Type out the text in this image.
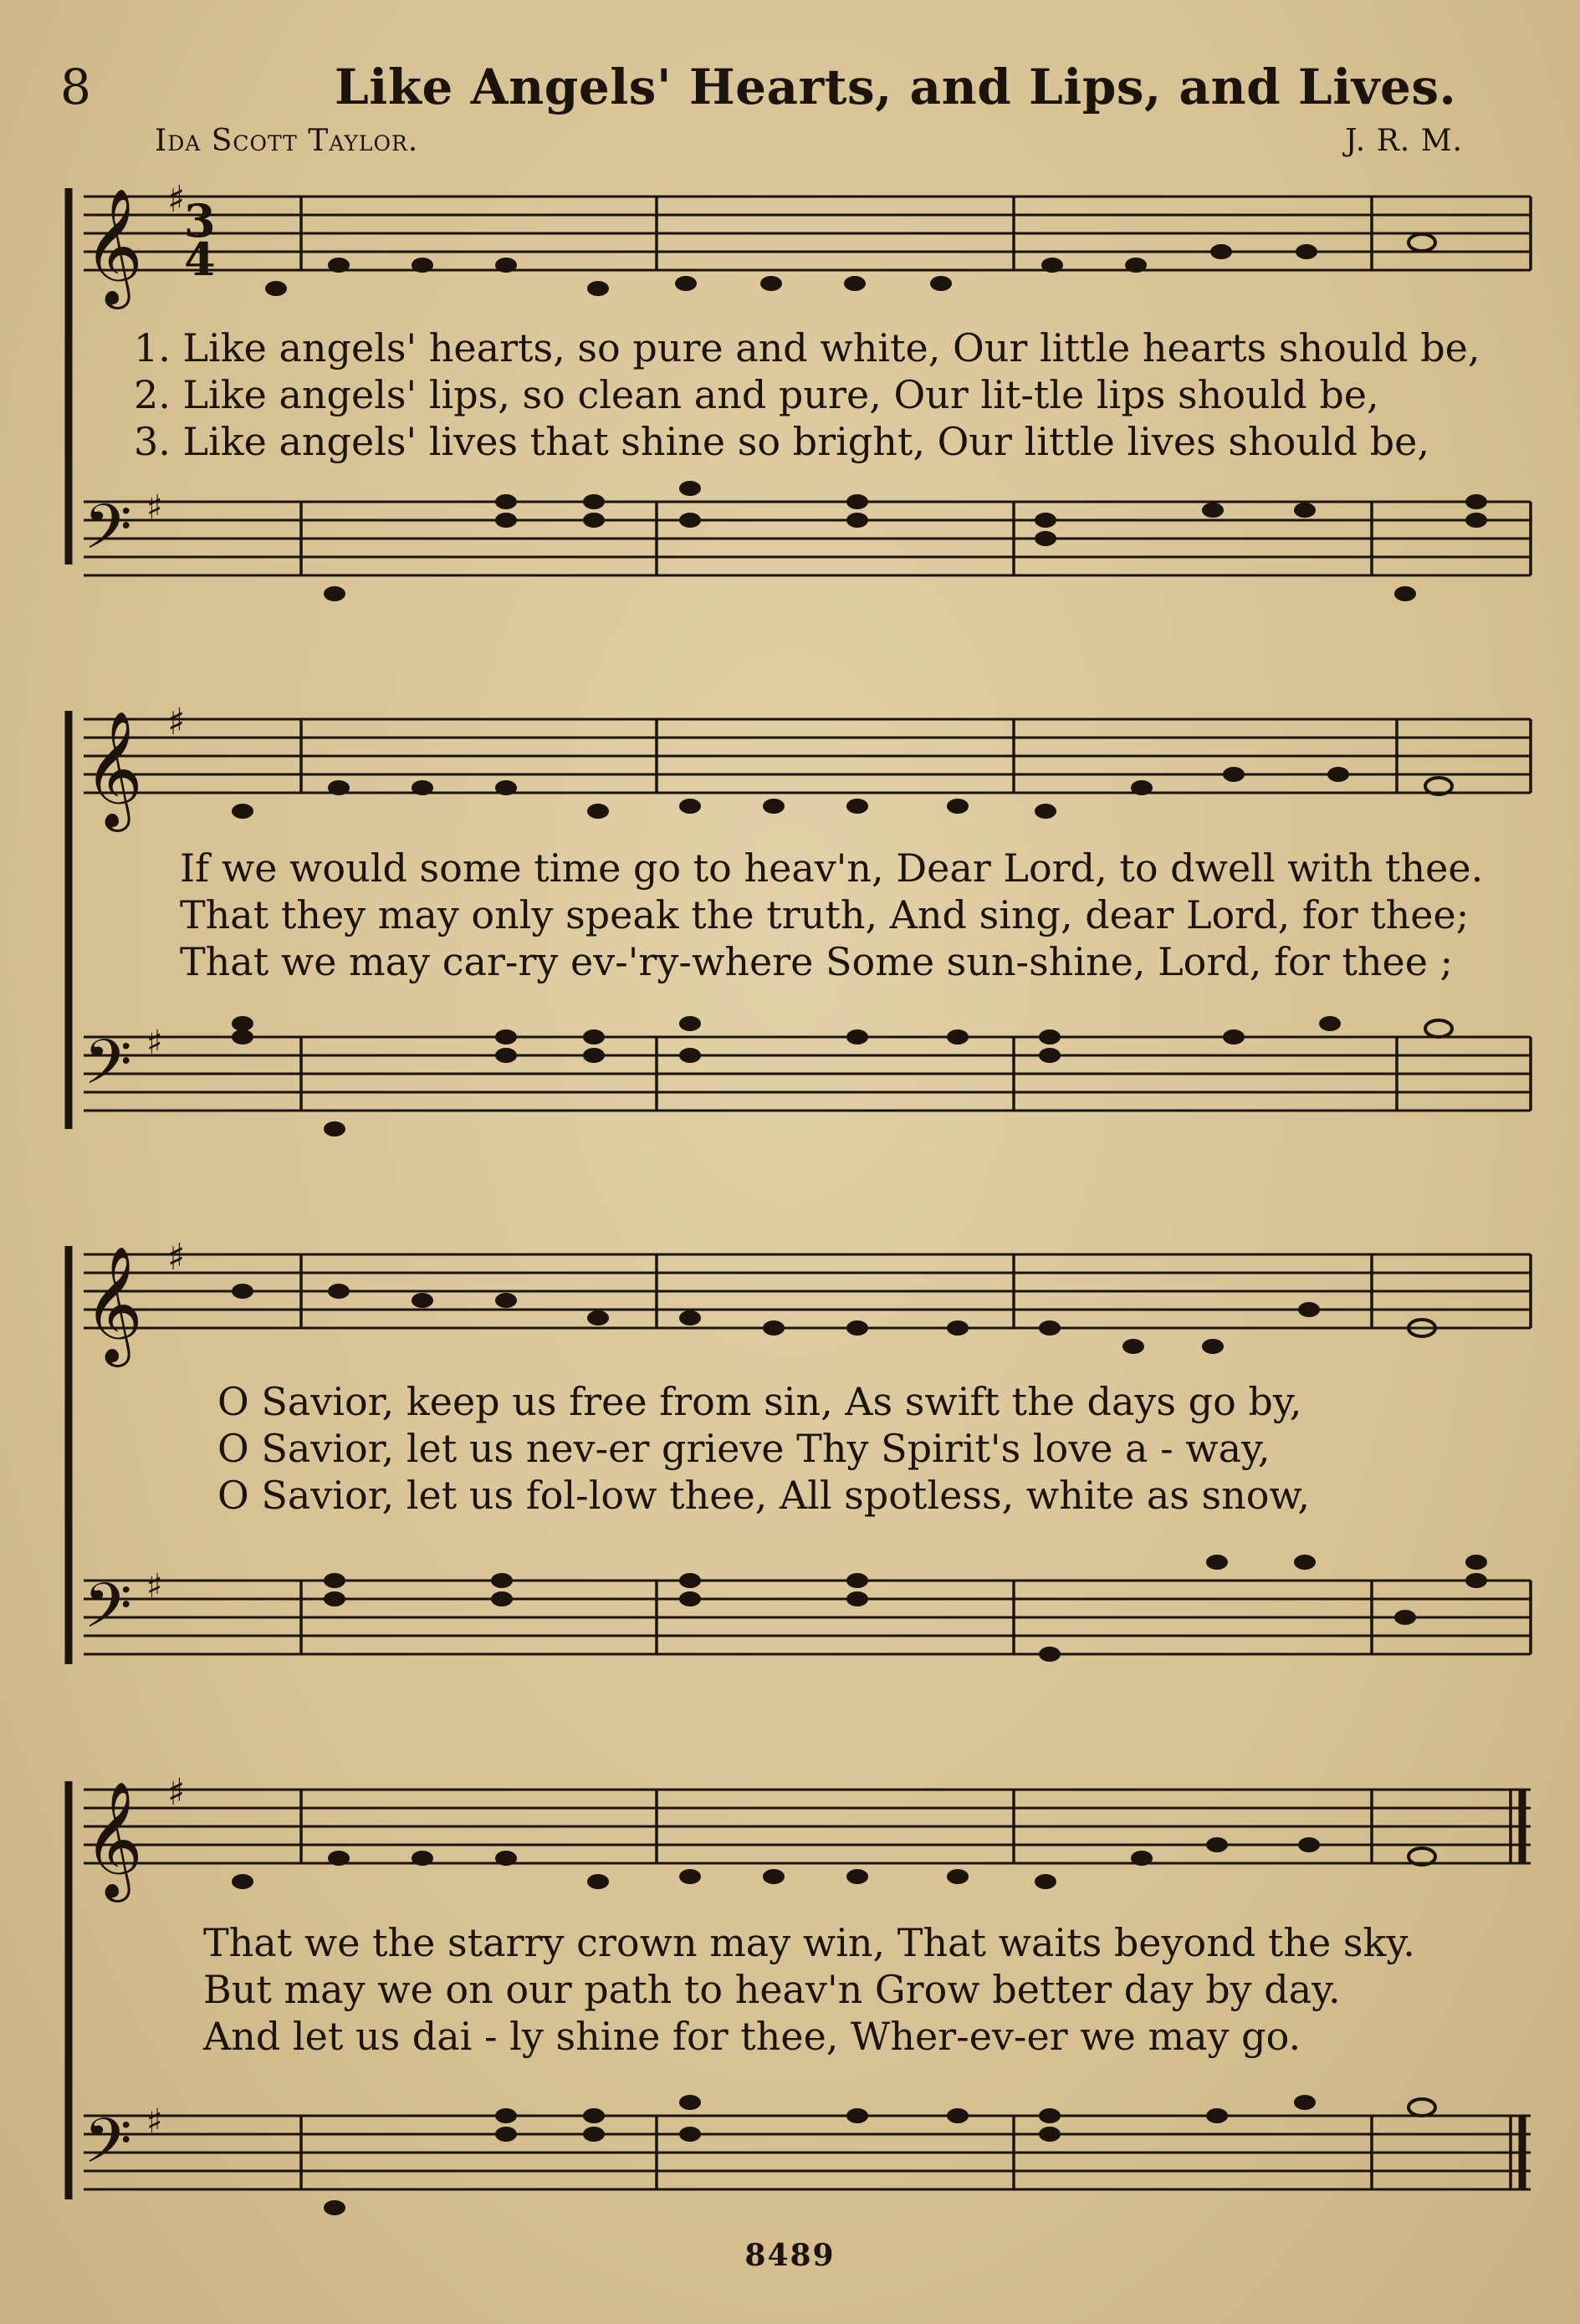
8	Like Angels' Hearts, and Lips, and Lives.
Ida Scott Taylor.	J. R. M.
𝄞 ♯
3
4
1. Like angels' hearts, so pure and white, Our little hearts should be,
2. Like angels' lips, so clean and pure, Our lit-tle lips should be,
3. Like angels' lives that shine so bright, Our little lives should be,
𝄢 ♯
𝄞 ♯
If we would some time go to heav'n, Dear Lord, to dwell with thee.
That they may only speak the truth, And sing, dear Lord, for thee;
That we may car-ry ev-'ry-where Some sun-shine, Lord, for thee ;
𝄢 ♯
𝄞 ♯
O Savior, keep us free from sin, As swift the days go by,
O Savior, let us nev-er grieve Thy Spirit's love a - way,
O Savior, let us fol-low thee, All spotless, white as snow,
𝄢 ♯
𝄞 ♯
That we the starry crown may win, That waits beyond the sky.
But may we on our path to heav'n Grow better day by day.
And let us dai - ly shine for thee, Wher-ev-er we may go.
𝄢 ♯
8489
